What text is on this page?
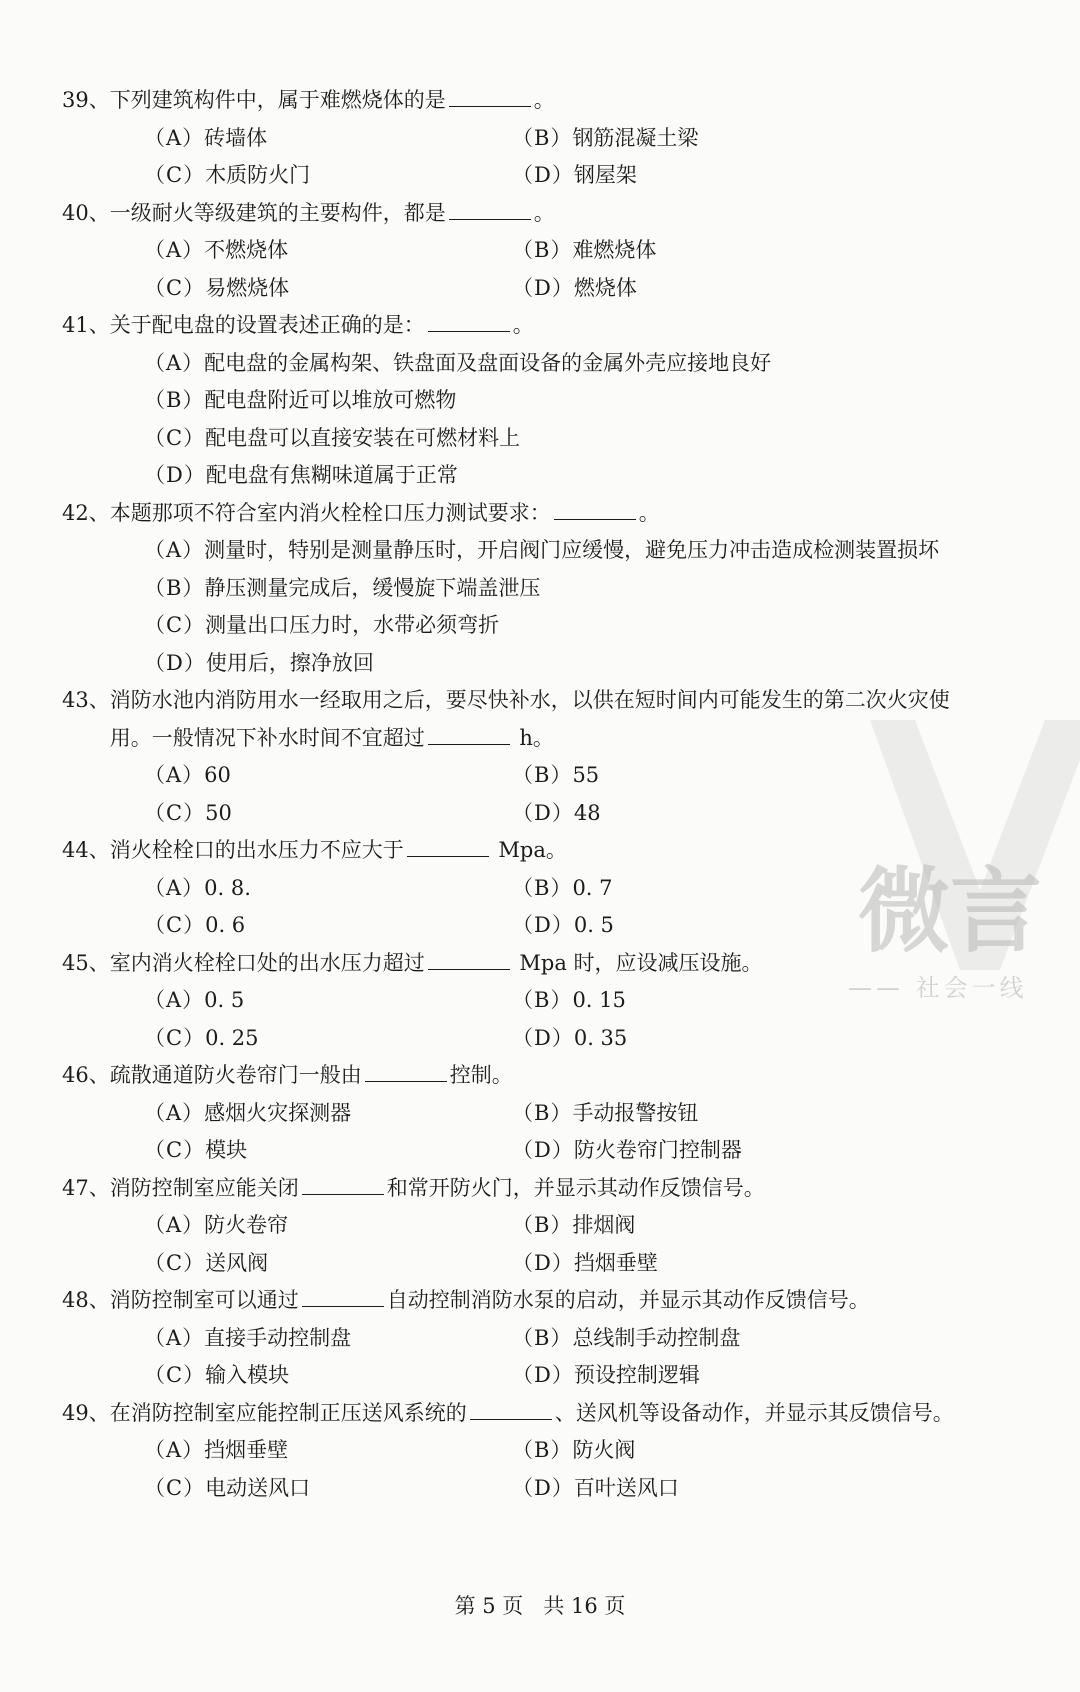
微言
—— 社会一线
39、 下列建筑构件中，属于难燃烧体的是	。
（A） 砖墙体	（B） 钢筋混凝土梁
（C） 木质防火门	（D） 钢屋架
40、 一级耐火等级建筑的主要构件，都是	。
（A） 不燃烧体	（B） 难燃烧体
（C） 易燃烧体	（D） 燃烧体
41、 关于配电盘的设置表述正确的是：	。
（A） 配电盘的金属构架、铁盘面及盘面设备的金属外壳应接地良好
（B） 配电盘附近可以堆放可燃物
（C） 配电盘可以直接安装在可燃材料上
（D） 配电盘有焦糊味道属于正常
42、 本题那项不符合室内消火栓栓口压力测试要求：	。
（A） 测量时，特别是测量静压时，开启阀门应缓慢，避免压力冲击造成检测装置损坏
（B） 静压测量完成后，缓慢旋下端盖泄压
（C） 测量出口压力时，水带必须弯折
（D） 使用后，擦净放回
43、 消防水池内消防用水一经取用之后，要尽快补水，以供在短时间内可能发生的第二次火灾使用。一般情况下补水时间不宜超过	h。
（A） 60	（B） 55
（C） 50	（D） 48
44、 消火栓栓口的出水压力不应大于	Mpa。
（A） 0. 8.	（B） 0. 7
（C） 0. 6	（D） 0. 5
45、 室内消火栓栓口处的出水压力超过	Mpa 时，应设减压设施。
（A） 0. 5	（B） 0. 15
（C） 0. 25	（D） 0. 35
46、 疏散通道防火卷帘门一般由	控制。
（A） 感烟火灾探测器	（B） 手动报警按钮
（C） 模块	（D） 防火卷帘门控制器
47、 消防控制室应能关闭	和常开防火门，并显示其动作反馈信号。
（A） 防火卷帘	（B） 排烟阀
（C） 送风阀	（D） 挡烟垂壁
48、 消防控制室可以通过	自动控制消防水泵的启动，并显示其动作反馈信号。
（A） 直接手动控制盘	（B） 总线制手动控制盘
（C） 输入模块	（D） 预设控制逻辑
49、 在消防控制室应能控制正压送风系统的	、送风机等设备动作，并显示其反馈信号。
（A） 挡烟垂壁	（B） 防火阀
（C） 电动送风口	（D） 百叶送风口
第 5 页 共 16 页
